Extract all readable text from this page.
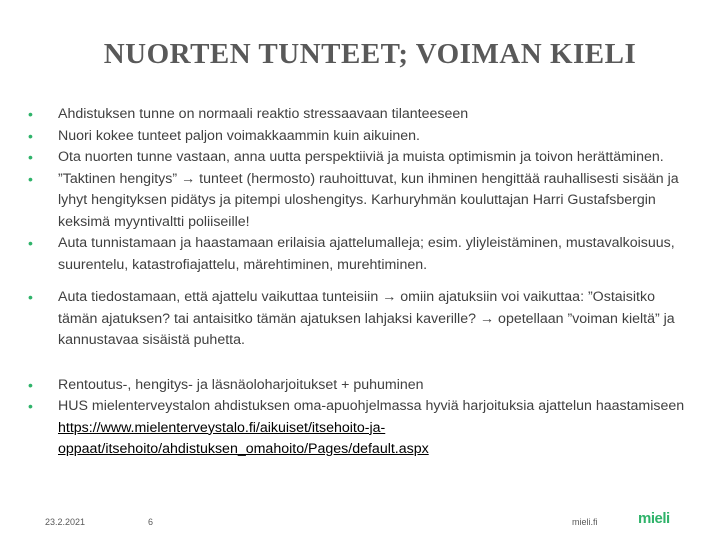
NUORTEN TUNTEET; VOIMAN KIELI
• Ahdistuksen tunne on normaali reaktio stressaavaan tilanteeseen
• Nuori kokee tunteet paljon voimakkaammin kuin aikuinen.
• Ota nuorten tunne vastaan, anna uutta perspektiiviä ja muista optimismin ja toivon herättäminen.
• ”Taktinen hengitys” → tunteet (hermosto) rauhoittuvat, kun ihminen hengittää rauhallisesti sisään ja lyhyt hengityksen pidätys ja pitempi uloshengitys. Karhuryhmän kouluttajan Harri Gustafsbergin keksimä myyntivaltti poliiseille!
• Auta tunnistamaan ja haastamaan erilaisia ajattelumalleja; esim. yliyleistäminen, mustavalkoisuus, suurentelu, katastrofiajattelu, märehtiminen, murehtiminen.
• Auta tiedostamaan, että ajattelu vaikuttaa tunteisiin → omiin ajatuksiin voi vaikuttaa: ”Ostaisitko tämän ajatuksen? tai antaisitko tämän ajatuksen lahjaksi kaverille? → opetellaan ”voiman kieltä” ja kannustavaa sisäistä puhetta.
• Rentoutus-, hengitys- ja läsnäoloharjoitukset + puhuminen
• HUS mielenterveystalon ahdistuksen oma-apuohjelmassa hyviä harjoituksia ajattelun haastamiseen https://www.mielenterveystalo.fi/aikuiset/itsehoito-ja-oppaat/itsehoito/ahdistuksen_omahoito/Pages/default.aspx
23.2.2021	6	mieli.fi	mieli
